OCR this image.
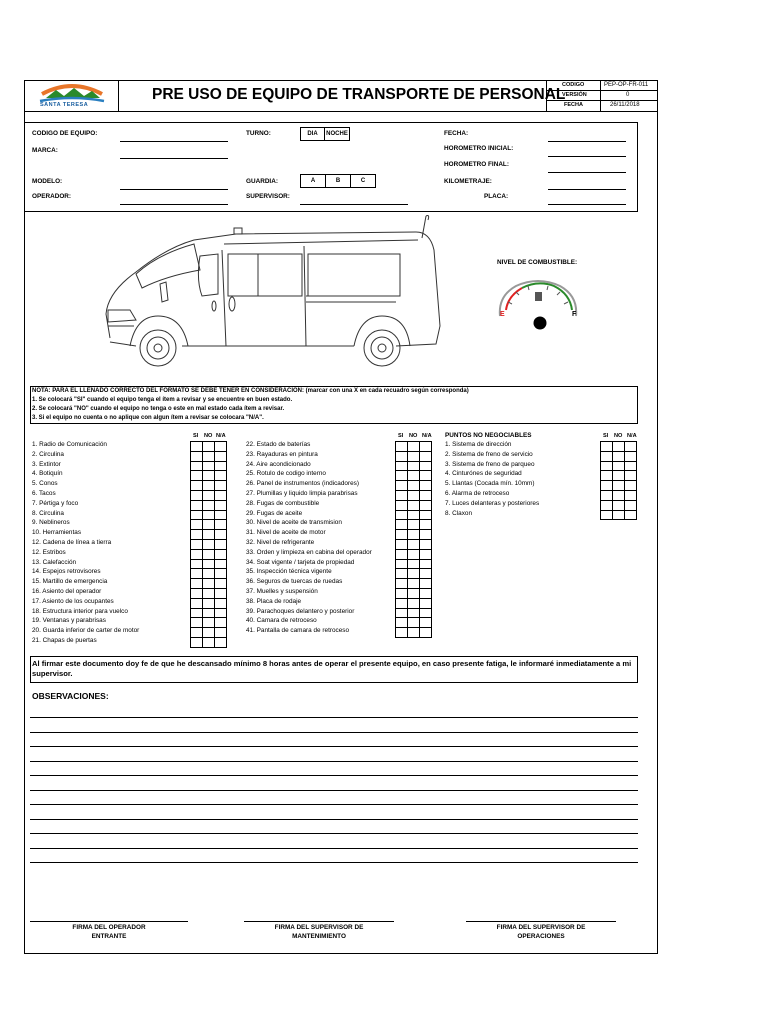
SANTA TERESA
PRE USO DE EQUIPO DE TRANSPORTE DE PERSONAL
CODIGO	PEP-OP-FR-011
VERSIÓN	0
FECHA	26/11/2018
CODIGO DE EQUIPO:
MARCA:
MODELO:
OPERADOR:
TURNO:	DIA	NOCHE
GUARDIA:	A	B	C
SUPERVISOR:
FECHA:
HOROMETRO INICIAL:
HOROMETRO FINAL:
KILOMETRAJE:
PLACA:
NIVEL DE COMBUSTIBLE:
E	F
NOTA: PARA EL LLENADO CORRECTO DEL FORMATO SE DEBE TENER EN CONSIDERACION: (marcar con una X en cada recuadro según corresponda)
1. Se colocará "SI" cuando el equipo tenga el ítem a revisar y se encuentre en buen estado.
2. Se colocará "NO" cuando el equipo no tenga o este en mal estado cada ítem a revisar.
3. Si el equipo no cuenta o no aplique con algun ítem a revisar se colocara "N/A".
SI NO N/A	SI NO N/A	SI NO N/A
1. Radio de Comunicación
2. Circulina
3. Extintor
4. Botiquín
5. Conos
6. Tacos
7. Pértiga y foco
8. Circulina
9. Neblineros
10. Herramientas
12. Cadena de línea a tierra
12. Estribos
13. Calefacción
14. Espejos retrovisores
15. Martillo de emergencia
16. Asiento del operador
17. Asiento de los ocupantes
18. Estructura interior para vuelco
19. Ventanas y parabrisas
20. Guarda inferior de carter de motor
21. Chapas de puertas
22. Estado de baterías
23. Rayaduras en pintura
24. Aire acondicionado
25. Rotulo de codigo interno
26. Panel de instrumentos (indicadores)
27. Plumillas y liquido limpia parabrisas
28. Fugas de combustible
29. Fugas de aceite
30. Nivel de aceite de transmision
31. Nivel de aceite de motor
32. Nivel de refrigerante
33. Orden y limpieza en cabina del operador
34. Soat vigente / tarjeta de propiedad
35. Inspección técnica vigente
36. Seguros de tuercas de ruedas
37. Muelles y suspensión
38. Placa de rodaje
39. Parachoques delantero y posterior
40. Camara de retroceso
41. Pantalla de camara de retroceso
PUNTOS NO NEGOCIABLES
1. Sistema de dirección
2. Sistema de freno de servicio
3. Sistema de freno de parqueo
4. Cinturónes de seguridad
5. Llantas (Cocada mín. 10mm)
6. Alarma de retroceso
7. Luces delanteras y posteriores
8. Claxon
Al firmar este documento doy fe de que he descansado mínimo 8 horas antes de operar el presente equipo, en caso presente fatiga, le informaré inmediatamente a mi supervisor.
OBSERVACIONES:
FIRMA DEL OPERADOR
ENTRANTE
FIRMA DEL SUPERVISOR DE
MANTENIMIENTO
FIRMA DEL SUPERVISOR DE
OPERACIONES
